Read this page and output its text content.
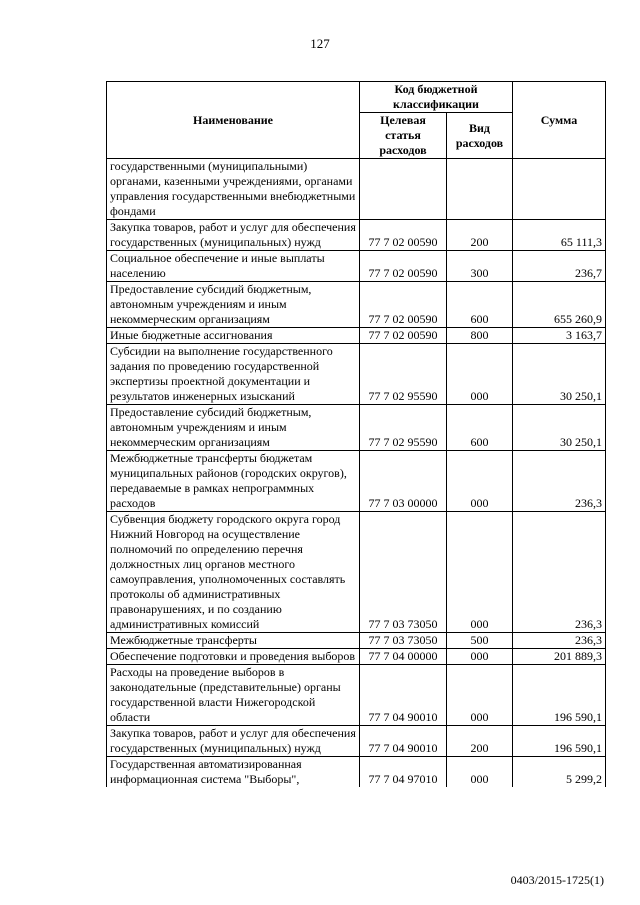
127
Наименование	Код бюджетной классификации		Сумма
	Целевая статья расходов	Вид расходов	
государственными (муниципальными) органами, казенными учреждениями, органами управления государственными внебюджетными фондами			
Закупка товаров, работ и услуг для обеспечения государственных (муниципальных) нужд	77 7 02 00590	200	65 111,3
Социальное обеспечение и иные выплаты населению	77 7 02 00590	300	236,7
Предоставление субсидий бюджетным, автономным учреждениям и иным некоммерческим организациям	77 7 02 00590	600	655 260,9
Иные бюджетные ассигнования	77 7 02 00590	800	3 163,7
Субсидии на выполнение государственного задания по проведению государственной экспертизы проектной документации и результатов инженерных изысканий	77 7 02 95590	000	30 250,1
Предоставление субсидий бюджетным, автономным учреждениям и иным некоммерческим организациям	77 7 02 95590	600	30 250,1
Межбюджетные трансферты бюджетам муниципальных районов (городских округов), передаваемые в рамках непрограммных расходов	77 7 03 00000	000	236,3
Субвенция бюджету городского округа город Нижний Новгород на осуществление полномочий по определению перечня должностных лиц органов местного самоуправления, уполномоченных составлять протоколы об административных правонарушениях, и по созданию административных комиссий	77 7 03 73050	000	236,3
Межбюджетные трансферты	77 7 03 73050	500	236,3
Обеспечение подготовки и проведения выборов	77 7 04 00000	000	201 889,3
Расходы на проведение выборов в законодательные (представительные) органы государственной власти Нижегородской области	77 7 04 90010	000	196 590,1
Закупка товаров, работ и услуг для обеспечения государственных (муниципальных) нужд	77 7 04 90010	200	196 590,1
Государственная автоматизированная информационная система "Выборы",	77 7 04 97010	000	5 299,2
0403/2015-1725(1)
